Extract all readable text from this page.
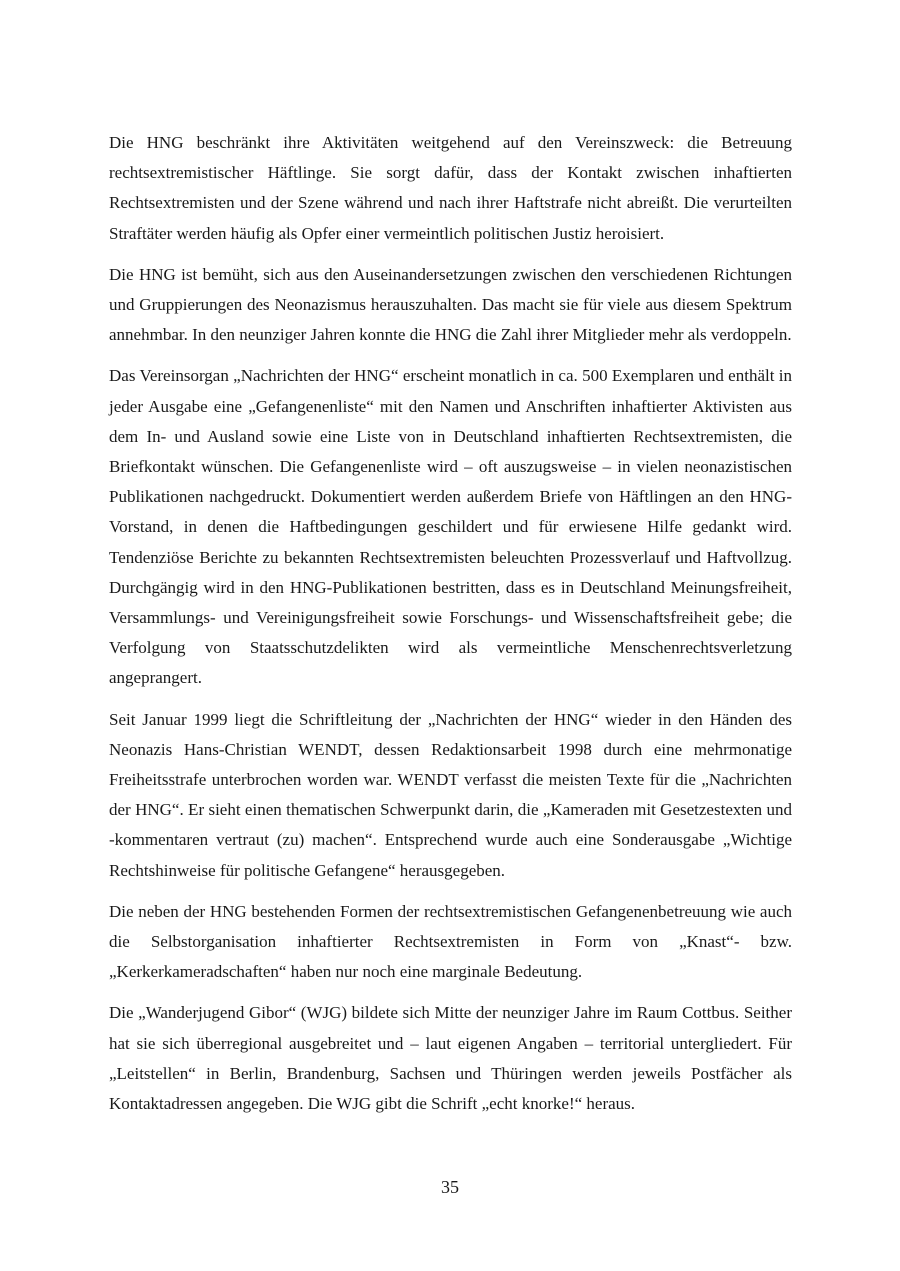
Die HNG beschränkt ihre Aktivitäten weitgehend auf den Vereinszweck: die Betreuung rechtsextremistischer Häftlinge. Sie sorgt dafür, dass der Kontakt zwischen inhaftierten Rechtsextremisten und der Szene während und nach ihrer Haftstrafe nicht abreißt. Die verurteilten Straftäter werden häufig als Opfer einer vermeintlich politischen Justiz heroisiert.

Die HNG ist bemüht, sich aus den Auseinandersetzungen zwischen den verschiedenen Richtungen und Gruppierungen des Neonazismus herauszuhalten. Das macht sie für viele aus diesem Spektrum annehmbar. In den neunziger Jahren konnte die HNG die Zahl ihrer Mitglieder mehr als verdoppeln.

Das Vereinsorgan „Nachrichten der HNG“ erscheint monatlich in ca. 500 Exemplaren und enthält in jeder Ausgabe eine „Gefangenenliste“ mit den Namen und Anschriften inhaftierter Aktivisten aus dem In- und Ausland sowie eine Liste von in Deutschland inhaftierten Rechtsextremisten, die Briefkontakt wünschen. Die Gefangenenliste wird – oft auszugsweise – in vielen neonazistischen Publikationen nachgedruckt. Dokumentiert werden außerdem Briefe von Häftlingen an den HNG-Vorstand, in denen die Haftbedingungen geschildert und für erwiesene Hilfe gedankt wird. Tendenziöse Berichte zu bekannten Rechtsextremisten beleuchten Prozessverlauf und Haftvollzug. Durchgängig wird in den HNG-Publikationen bestritten, dass es in Deutschland Meinungsfreiheit, Versammlungs- und Vereinigungsfreiheit sowie Forschungs- und Wissenschaftsfreiheit gebe; die Verfolgung von Staatsschutzdelikten wird als vermeintliche Menschenrechtsverletzung angeprangert.

Seit Januar 1999 liegt die Schriftleitung der „Nachrichten der HNG“ wieder in den Händen des Neonazis Hans-Christian WENDT, dessen Redaktionsarbeit 1998 durch eine mehrmonatige Freiheitsstrafe unterbrochen worden war. WENDT verfasst die meisten Texte für die „Nachrichten der HNG“. Er sieht einen thematischen Schwerpunkt darin, die „Kameraden mit Gesetzestexten und -kommentaren vertraut (zu) machen“. Entsprechend wurde auch eine Sonderausgabe „Wichtige Rechtshinweise für politische Gefangene“ herausgegeben.

Die neben der HNG bestehenden Formen der rechtsextremistischen Gefangenenbetreuung wie auch die Selbstorganisation inhaftierter Rechtsextremisten in Form von „Knast“- bzw. „Kerkerkameradschaften“ haben nur noch eine marginale Bedeutung.

Die „Wanderjugend Gibor“ (WJG) bildete sich Mitte der neunziger Jahre im Raum Cottbus. Seither hat sie sich überregional ausgebreitet und – laut eigenen Angaben – territorial untergliedert. Für „Leitstellen“ in Berlin, Brandenburg, Sachsen und Thüringen werden jeweils Postfächer als Kontaktadressen angegeben. Die WJG gibt die Schrift „echt knorke!“ heraus.

35
